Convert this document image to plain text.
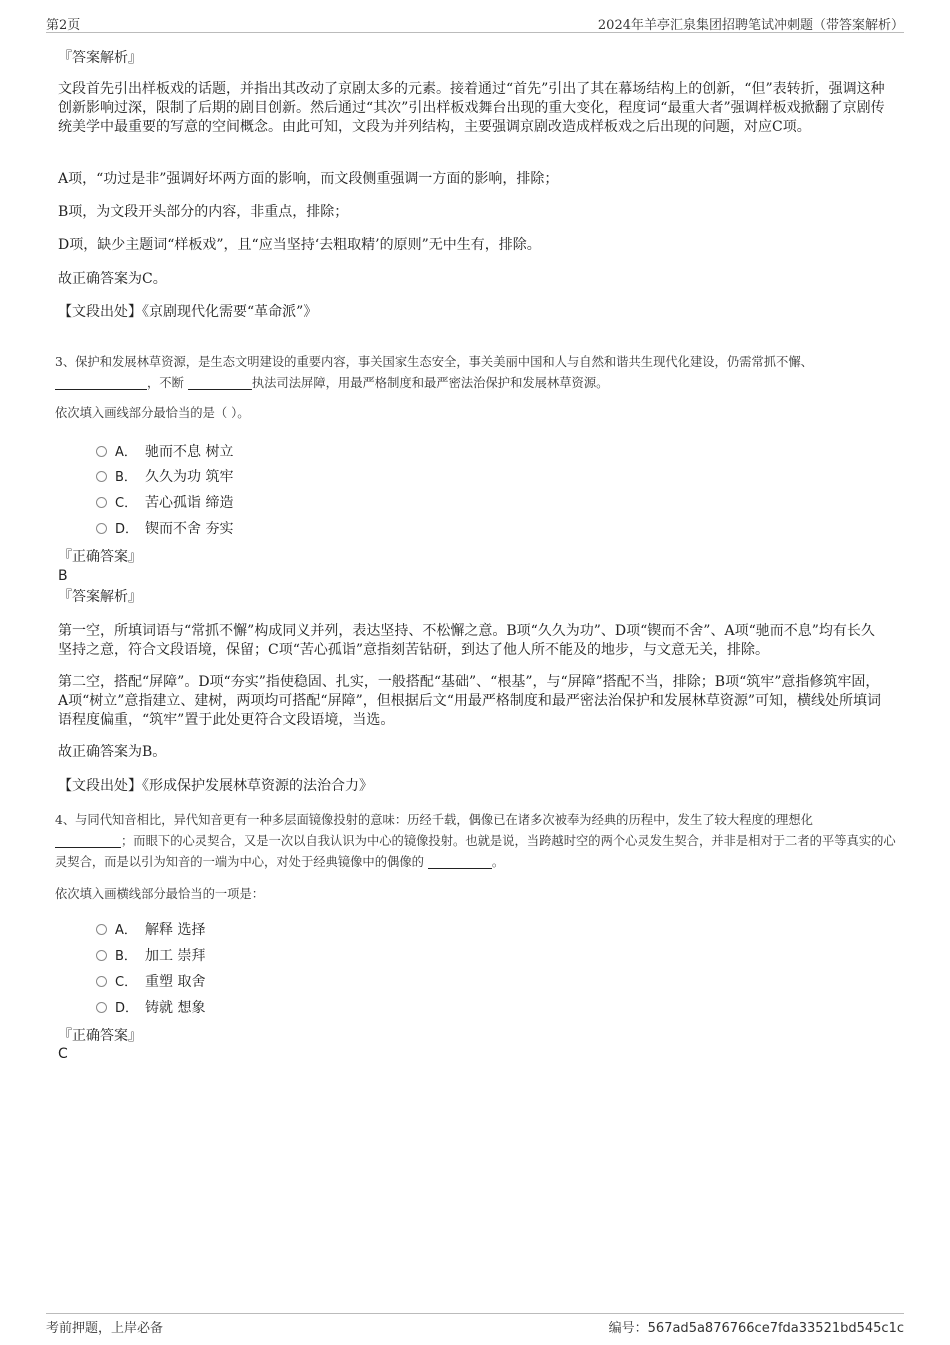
第2页	2024年羊亭汇泉集团招聘笔试冲刺题（带答案解析）
『答案解析』
文段首先引出样板戏的话题，并指出其改动了京剧太多的元素。接着通过“首先”引出了其在幕场结构上的创新，“但”表转折，强调这种创新影响过深，限制了后期的剧目创新。然后通过“其次”引出样板戏舞台出现的重大变化，程度词“最重大者”强调样板戏掀翻了京剧传统美学中最重要的写意的空间概念。由此可知，文段为并列结构，主要强调京剧改造成样板戏之后出现的问题，对应C项。
A项，“功过是非”强调好坏两方面的影响，而文段侧重强调一方面的影响，排除；
B项，为文段开头部分的内容，非重点，排除；
D项，缺少主题词“样板戏”，且“应当坚持‘去粗取精’的原则”无中生有，排除。
故正确答案为C。
【文段出处】《京剧现代化需要“革命派”》
3、保护和发展林草资源，是生态文明建设的重要内容，事关国家生态安全，事关美丽中国和人与自然和谐共生现代化建设，仍需常抓不懈、
，不断	执法司法屏障，用最严格制度和最严密法治保护和发展林草资源。
依次填入画线部分最恰当的是（ ）。
A． 驰而不息 树立
B． 久久为功 筑牢
C． 苦心孤诣 缔造
D． 锲而不舍 夯实
『正确答案』
B
『答案解析』
第一空，所填词语与“常抓不懈”构成同义并列，表达坚持、不松懈之意。B项“久久为功”、D项“锲而不舍”、A项“驰而不息”均有长久坚持之意，符合文段语境，保留；C项“苦心孤诣”意指刻苦钻研，到达了他人所不能及的地步，与文意无关，排除。
第二空，搭配“屏障”。D项“夯实”指使稳固、扎实，一般搭配“基础”、“根基”，与“屏障”搭配不当，排除；B项“筑牢”意指修筑牢固，A项“树立”意指建立、建树，两项均可搭配“屏障”，但根据后文“用最严格制度和最严密法治保护和发展林草资源”可知，横线处所填词语程度偏重，“筑牢”置于此处更符合文段语境，当选。
故正确答案为B。
【文段出处】《形成保护发展林草资源的法治合力》
4、与同代知音相比，异代知音更有一种多层面镜像投射的意味：历经千载，偶像已在诸多次被奉为经典的历程中，发生了较大程度的理想化
；而眼下的心灵契合，又是一次以自我认识为中心的镜像投射。也就是说，当跨越时空的两个心灵发生契合，并非是相对于二者的平等真实的心灵契合，而是以引为知音的一端为中心，对处于经典镜像中的偶像的	。
依次填入画横线部分最恰当的一项是：
A． 解释 选择
B． 加工 崇拜
C． 重塑 取舍
D． 铸就 想象
『正确答案』
C
考前押题，上岸必备	编号：567ad5a876766ce7fda33521bd545c1c
